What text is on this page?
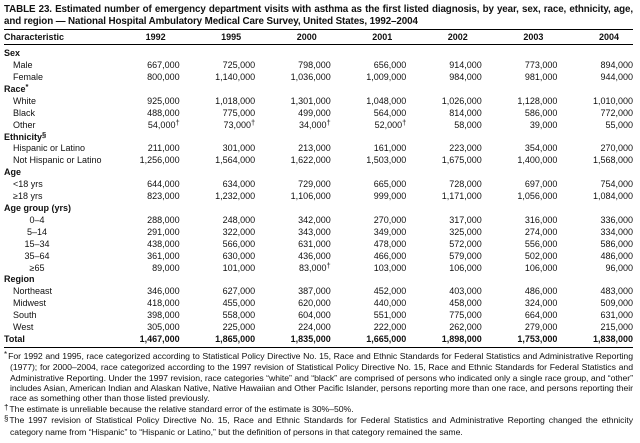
TABLE 23. Estimated number of emergency department visits with asthma as the first listed diagnosis, by year, sex, race, ethnicity, age, and region — National Hospital Ambulatory Medical Care Survey, United States, 1992–2004
Characteristic	1992	1995	2000	2001	2002	2003	2004
Sex							
Male	667,000	725,000	798,000	656,000	914,000	773,000	894,000
Female	800,000	1,140,000	1,036,000	1,009,000	984,000	981,000	944,000
Race*							
White	925,000	1,018,000	1,301,000	1,048,000	1,026,000	1,128,000	1,010,000
Black	488,000	775,000	499,000	564,000	814,000	586,000	772,000
Other	54,000†	73,000†	34,000†	52,000†	58,000	39,000	55,000
Ethnicity§							
Hispanic or Latino	211,000	301,000	213,000	161,000	223,000	354,000	270,000
Not Hispanic or Latino	1,256,000	1,564,000	1,622,000	1,503,000	1,675,000	1,400,000	1,568,000
Age							
<18 yrs	644,000	634,000	729,000	665,000	728,000	697,000	754,000
≥18 yrs	823,000	1,232,000	1,106,000	999,000	1,171,000	1,056,000	1,084,000
Age group (yrs)							
0–4	288,000	248,000	342,000	270,000	317,000	316,000	336,000
5–14	291,000	322,000	343,000	349,000	325,000	274,000	334,000
15–34	438,000	566,000	631,000	478,000	572,000	556,000	586,000
35–64	361,000	630,000	436,000	466,000	579,000	502,000	486,000
≥65	89,000	101,000	83,000†	103,000	106,000	106,000	96,000
Region							
Northeast	346,000	627,000	387,000	452,000	403,000	486,000	483,000
Midwest	418,000	455,000	620,000	440,000	458,000	324,000	509,000
South	398,000	558,000	604,000	551,000	775,000	664,000	631,000
West	305,000	225,000	224,000	222,000	262,000	279,000	215,000
Total	1,467,000	1,865,000	1,835,000	1,665,000	1,898,000	1,753,000	1,838,000
*For 1992 and 1995, race categorized according to Statistical Policy Directive No. 15, Race and Ethnic Standards for Federal Statistics and Administrative Reporting (1977); for 2000–2004, race categorized according to the 1997 revision of Statistical Policy Directive No. 15, Race and Ethnic Standards for Federal Statistics and Administrative Reporting. Under the 1997 revision, race categories “white” and “black” are comprised of persons who indicated only a single race group, and “other” includes Asian, American Indian and Alaskan Native, Native Hawaiian and Other Pacific Islander, persons reporting more than one race, and persons reporting their race as something other than those listed previously.
†The estimate is unreliable because the relative standard error of the estimate is 30%–50%.
§The 1997 revision of Statistical Policy Directive No. 15, Race and Ethnic Standards for Federal Statistics and Administrative Reporting changed the ethnicity category name from “Hispanic” to “Hispanic or Latino,” but the definition of persons in that category remained the same.
